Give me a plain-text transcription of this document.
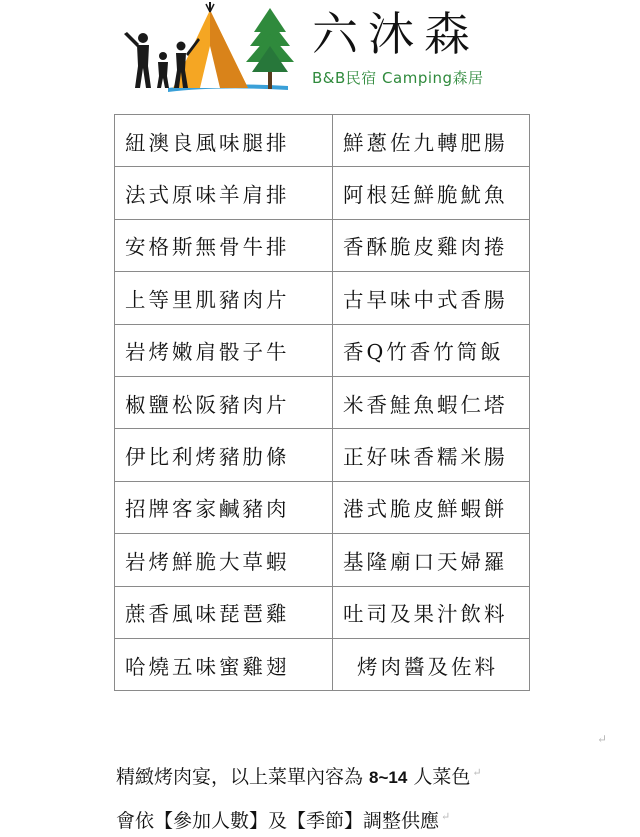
六沐森
B&B民宿 Camping森居
紐澳良風味腿排	鮮蔥佐九轉肥腸
法式原味羊肩排	阿根廷鮮脆魷魚
安格斯無骨牛排	香酥脆皮雞肉捲
上等里肌豬肉片	古早味中式香腸
岩烤嫩肩骰子牛	香Q竹香竹筒飯
椒鹽松阪豬肉片	米香鮭魚蝦仁塔
伊比利烤豬肋條	正好味香糯米腸
招牌客家鹹豬肉	港式脆皮鮮蝦餅
岩烤鮮脆大草蝦	基隆廟口天婦羅
蔗香風味琵琶雞	吐司及果汁飲料
哈燒五味蜜雞翅	烤肉醬及佐料
↵
精緻烤肉宴，以上菜單內容為 8~14 人菜色 ↵
會依【參加人數】及【季節】調整供應 ↵
